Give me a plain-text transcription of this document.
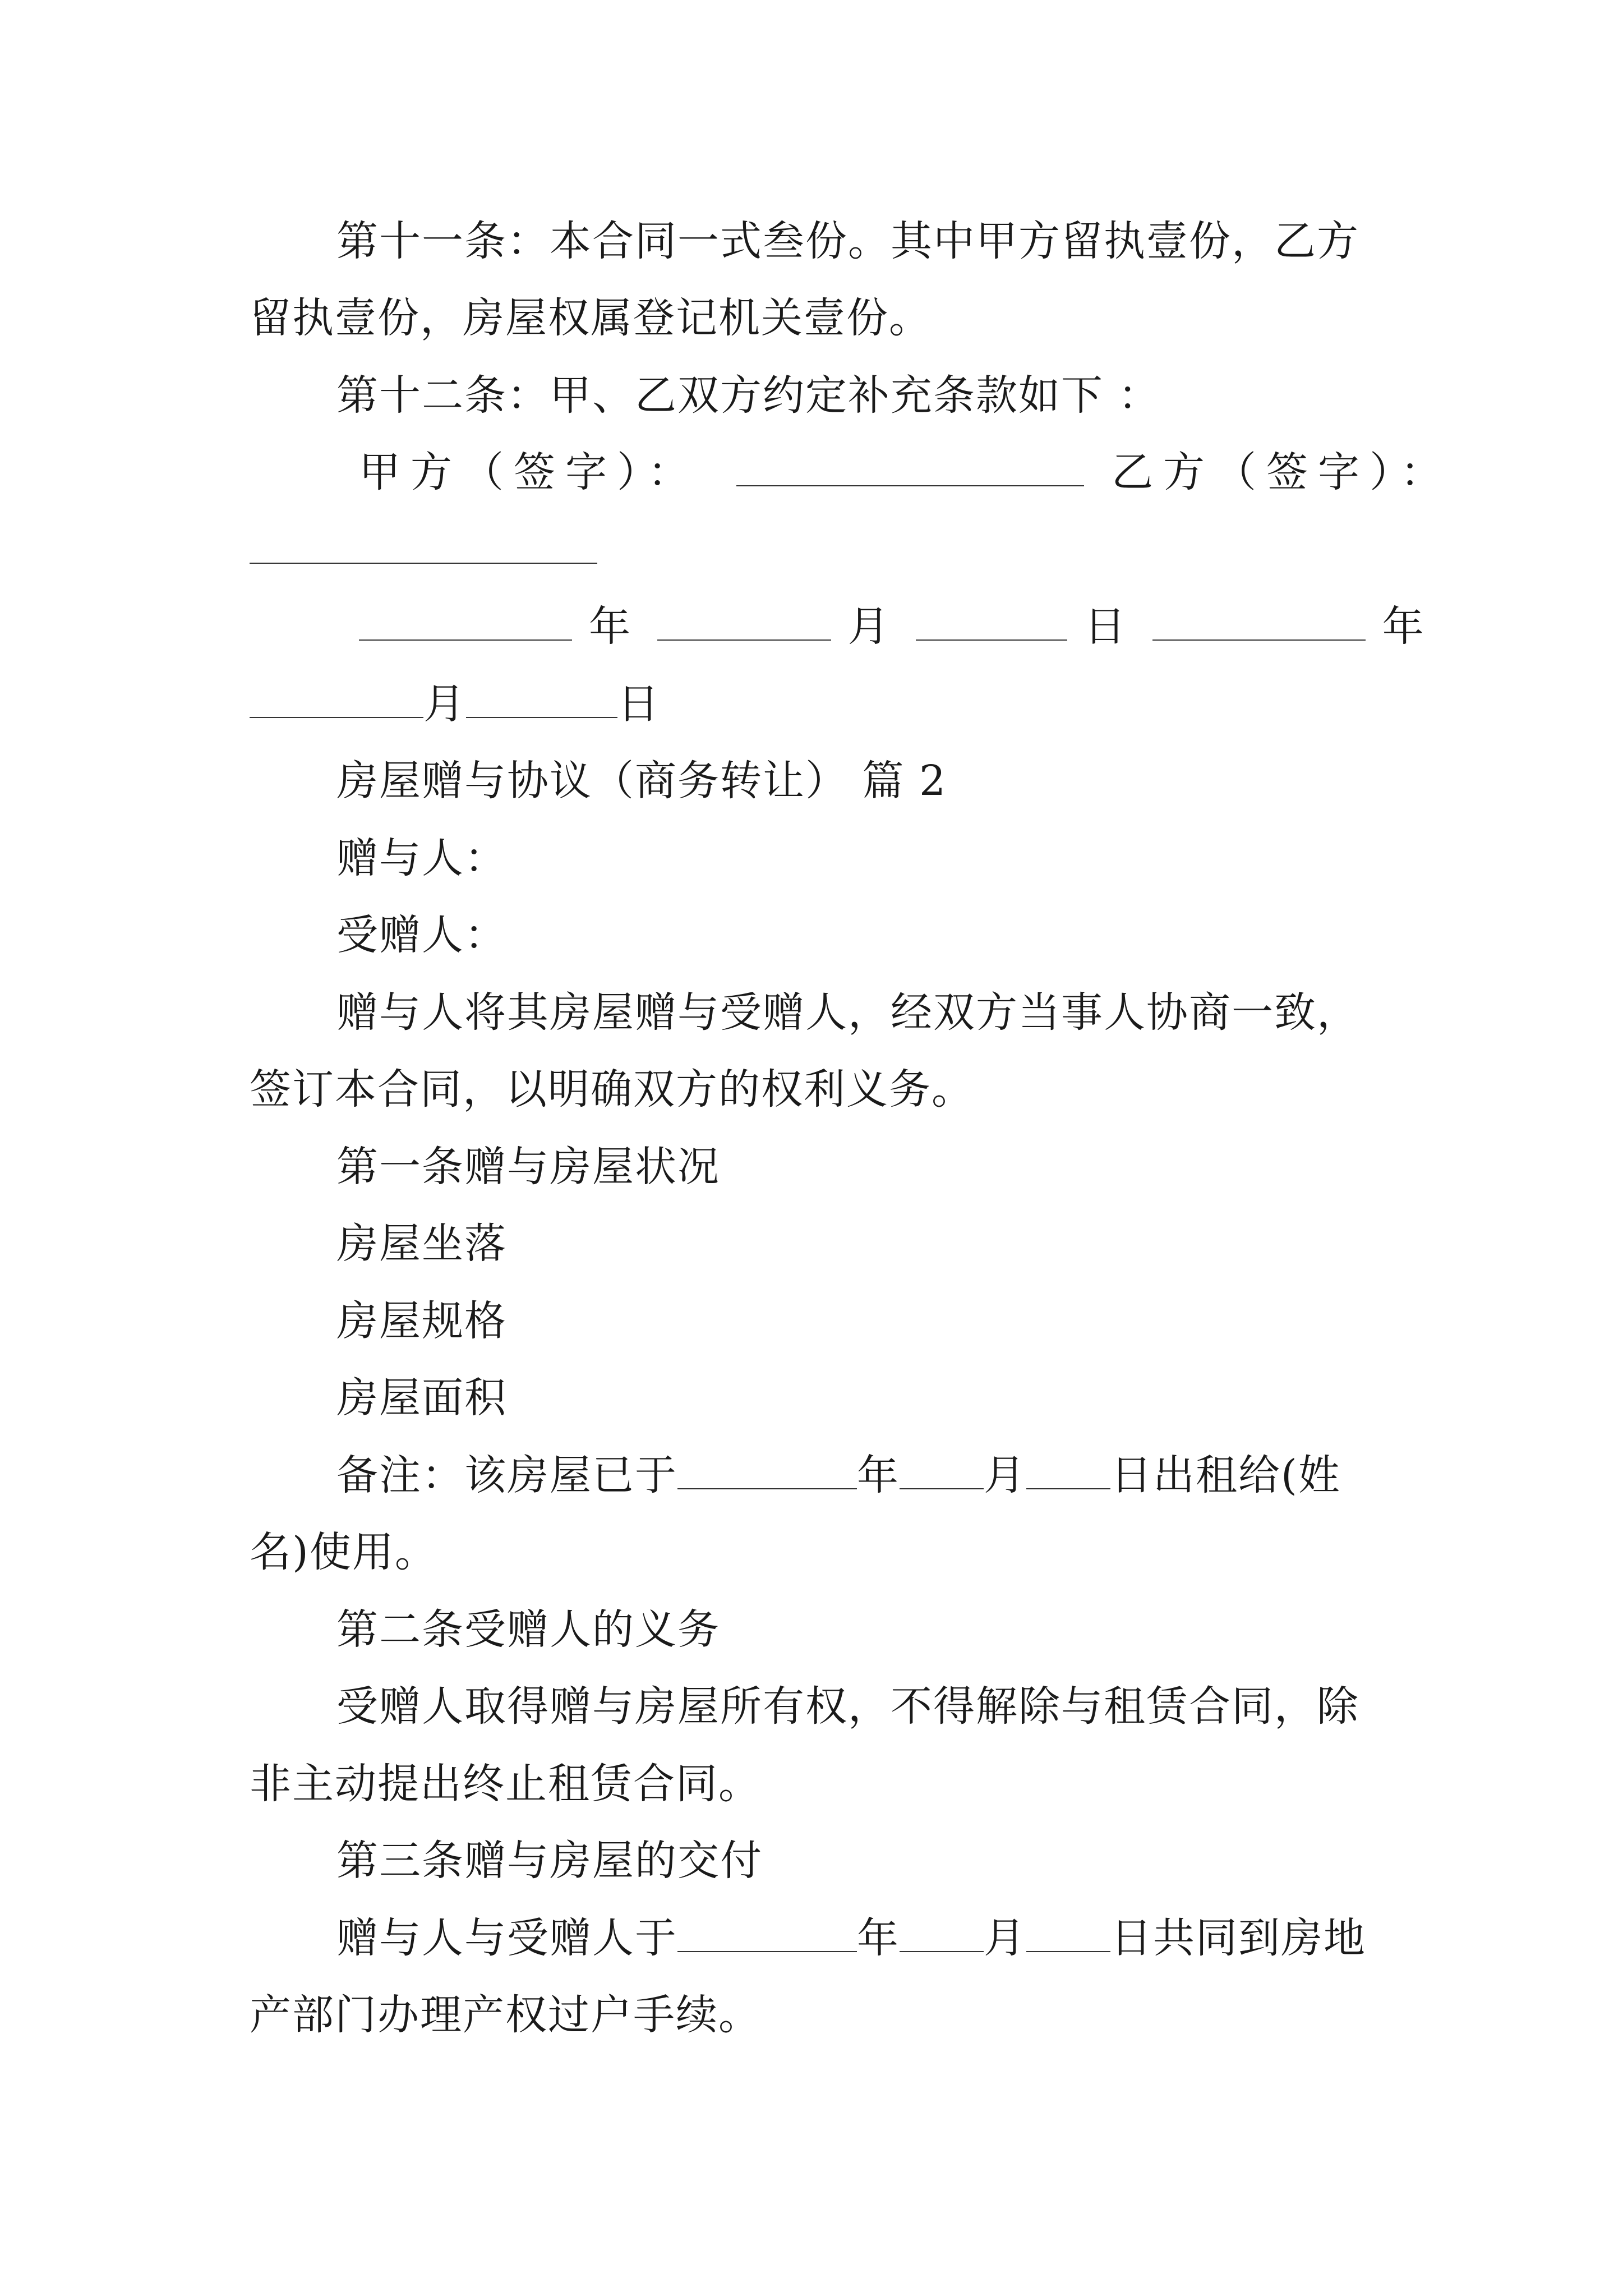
第十一条：本合同一式叁份。其中甲方留执壹份，乙方
留执壹份，房屋权属登记机关壹份。
第十二条：甲、乙双方约定补充条款如下 ：
甲方（签字）：	乙方（签字）：
年	月	日	年
月	日
房屋赠与协议（商务转让） 篇 2
赠与人：
受赠人：
赠与人将其房屋赠与受赠人，经双方当事人协商一致，
签订本合同，以明确双方的权利义务。
第一条赠与房屋状况
房屋坐落
房屋规格
房屋面积
备注：该房屋已于	年 月 日出租给(姓
名)使用。
第二条受赠人的义务
受赠人取得赠与房屋所有权，不得解除与租赁合同，除
非主动提出终止租赁合同。
第三条赠与房屋的交付
赠与人与受赠人于	年 月 日共同到房地
产部门办理产权过户手续。
